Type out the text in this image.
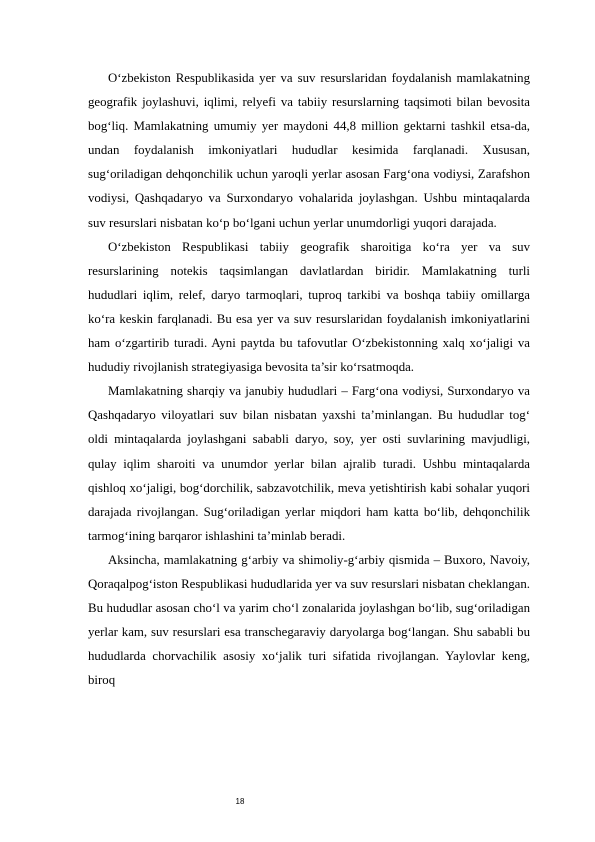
O‘zbekiston Respublikasida yer va suv resurslaridan foydalanish mamlakatning geografik joylashuvi, iqlimi, relyefi va tabiiy resurslarning taqsimoti bilan bevosita bog‘liq. Mamlakatning umumiy yer maydoni 44,8 million gektarni tashkil etsa-da, undan foydalanish imkoniyatlari hududlar kesimida farqlanadi. Xususan, sug‘oriladigan dehqonchilik uchun yaroqli yerlar asosan Farg‘ona vodiysi, Zarafshon vodiysi, Qashqadaryo va Surxondaryo vohalarida joylashgan. Ushbu mintaqalarda suv resurslari nisbatan ko‘p bo‘lgani uchun yerlar unumdorligi yuqori darajada.

O‘zbekiston Respublikasi tabiiy geografik sharoitiga ko‘ra yer va suv resurslarining notekis taqsimlangan davlatlardan biridir. Mamlakatning turli hududlari iqlim, relef, daryo tarmoqlari, tuproq tarkibi va boshqa tabiiy omillarga ko‘ra keskin farqlanadi. Bu esa yer va suv resurslaridan foydalanish imkoniyatlarini ham o‘zgartirib turadi. Ayni paytda bu tafovutlar O‘zbekistonning xalq xo‘jaligi va hududiy rivojlanish strategiyasiga bevosita ta’sir ko‘rsatmoqda.

Mamlakatning sharqiy va janubiy hududlari – Farg‘ona vodiysi, Surxondaryo va Qashqadaryo viloyatlari suv bilan nisbatan yaxshi ta’minlangan. Bu hududlar tog‘ oldi mintaqalarda joylashgani sababli daryo, soy, yer osti suvlarining mavjudligi, qulay iqlim sharoiti va unumdor yerlar bilan ajralib turadi. Ushbu mintaqalarda qishloq xo‘jaligi, bog‘dorchilik, sabzavotchilik, meva yetishtirish kabi sohalar yuqori darajada rivojlangan. Sug‘oriladigan yerlar miqdori ham katta bo‘lib, dehqonchilik tarmog‘ining barqaror ishlashini ta’minlab beradi.

Aksincha, mamlakatning g‘arbiy va shimoliy-g‘arbiy qismida – Buxoro, Navoiy, Qoraqalpog‘iston Respublikasi hududlarida yer va suv resurslari nisbatan cheklangan. Bu hududlar asosan cho‘l va yarim cho‘l zonalarida joylashgan bo‘lib, sug‘oriladigan yerlar kam, suv resurslari esa transchegaraviy daryolarga bog‘langan. Shu sababli bu hududlarda chorvachilik asosiy xo‘jalik turi sifatida rivojlangan. Yaylovlar keng, biroq

18
